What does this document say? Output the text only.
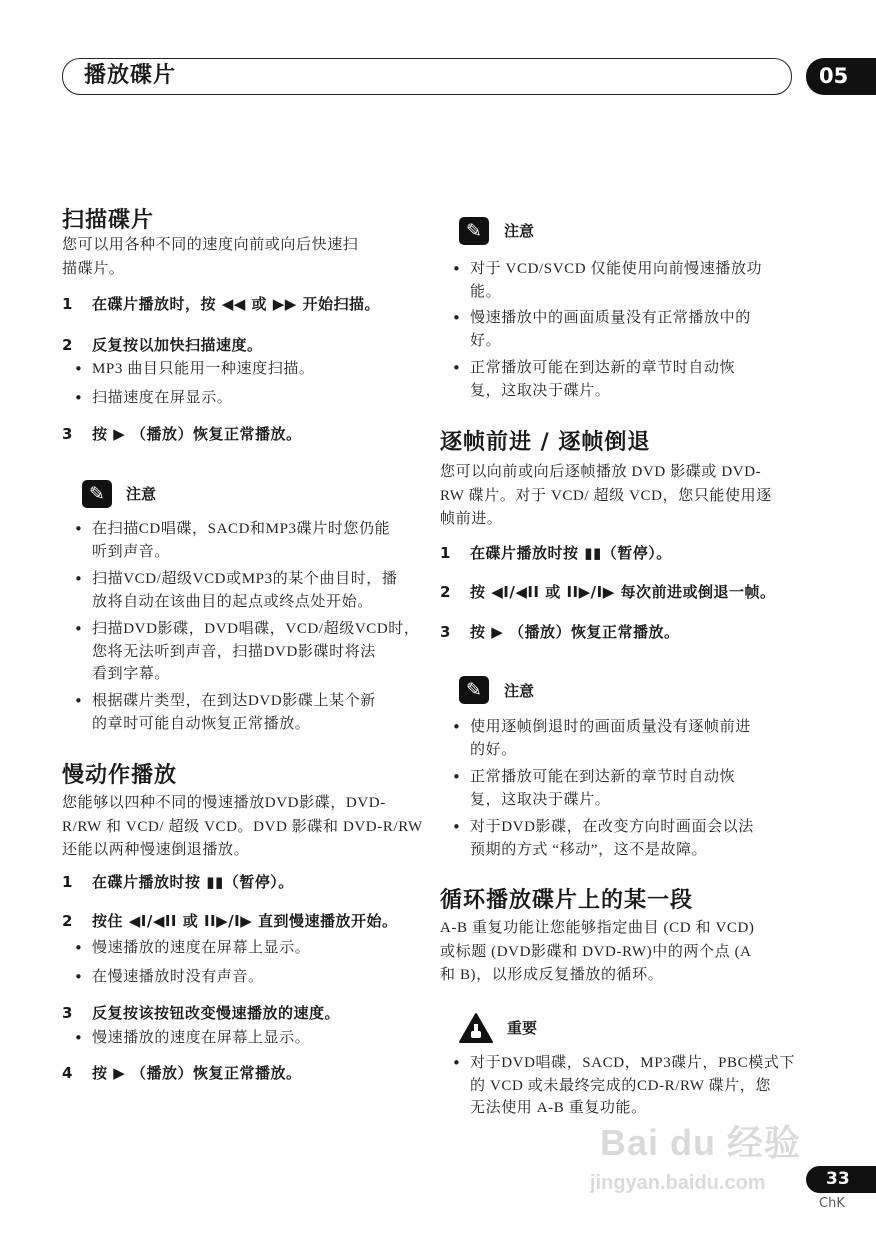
播放碟片	05
扫描碟片
您可以用各种不同的速度向前或向后快速扫
描碟片。
1 在碟片播放时，按 ◀◀ 或 ▶▶ 开始扫描。
2 反复按以加快扫描速度。
• MP3 曲目只能用一种速度扫描。
• 扫描速度在屏显示。
3 按 ▶ （播放）恢复正常播放。
✎	注意
• 在扫描CD唱碟，SACD和MP3碟片时您仍能
听到声音。
• 扫描VCD/超级VCD或MP3的某个曲目时，播
放将自动在该曲目的起点或终点处开始。
• 扫描DVD影碟，DVD唱碟，VCD/超级VCD时，
您将无法听到声音，扫描DVD影碟时将法
看到字幕。
• 根据碟片类型，在到达DVD影碟上某个新
的章时可能自动恢复正常播放。
慢动作播放
您能够以四种不同的慢速播放DVD影碟，DVD-
R/RW 和 VCD/ 超级 VCD。DVD 影碟和 DVD-R/RW
还能以两种慢速倒退播放。
1 在碟片播放时按 ▮▮（暂停）。
2 按住 ◀I/◀II 或 II▶/I▶ 直到慢速播放开始。
• 慢速播放的速度在屏幕上显示。
• 在慢速播放时没有声音。
3 反复按该按钮改变慢速播放的速度。
• 慢速播放的速度在屏幕上显示。
4 按 ▶ （播放）恢复正常播放。
✎	注意
• 对于 VCD/SVCD 仅能使用向前慢速播放功
能。
• 慢速播放中的画面质量没有正常播放中的
好。
• 正常播放可能在到达新的章节时自动恢
复，这取决于碟片。
逐帧前进 / 逐帧倒退
您可以向前或向后逐帧播放 DVD 影碟或 DVD-
RW 碟片。对于 VCD/ 超级 VCD，您只能使用逐
帧前进。
1 在碟片播放时按 ▮▮（暂停）。
2 按 ◀I/◀II 或 II▶/I▶ 每次前进或倒退一帧。
3 按 ▶ （播放）恢复正常播放。
✎	注意
• 使用逐帧倒退时的画面质量没有逐帧前进
的好。
• 正常播放可能在到达新的章节时自动恢
复，这取决于碟片。
• 对于DVD影碟，在改变方向时画面会以法
预期的方式 “移动”，这不是故障。
循环播放碟片上的某一段
A-B 重复功能让您能够指定曲目 (CD 和 VCD)
或标题 (DVD影碟和 DVD-RW)中的两个点 (A
和 B)，以形成反复播放的循环。
重要
• 对于DVD唱碟，SACD，MP3碟片，PBC模式下
的 VCD 或未最终完成的CD-R/RW 碟片，您
无法使用 A-B 重复功能。
Bai du 经验
jingyan.baidu.com	33
ChK
